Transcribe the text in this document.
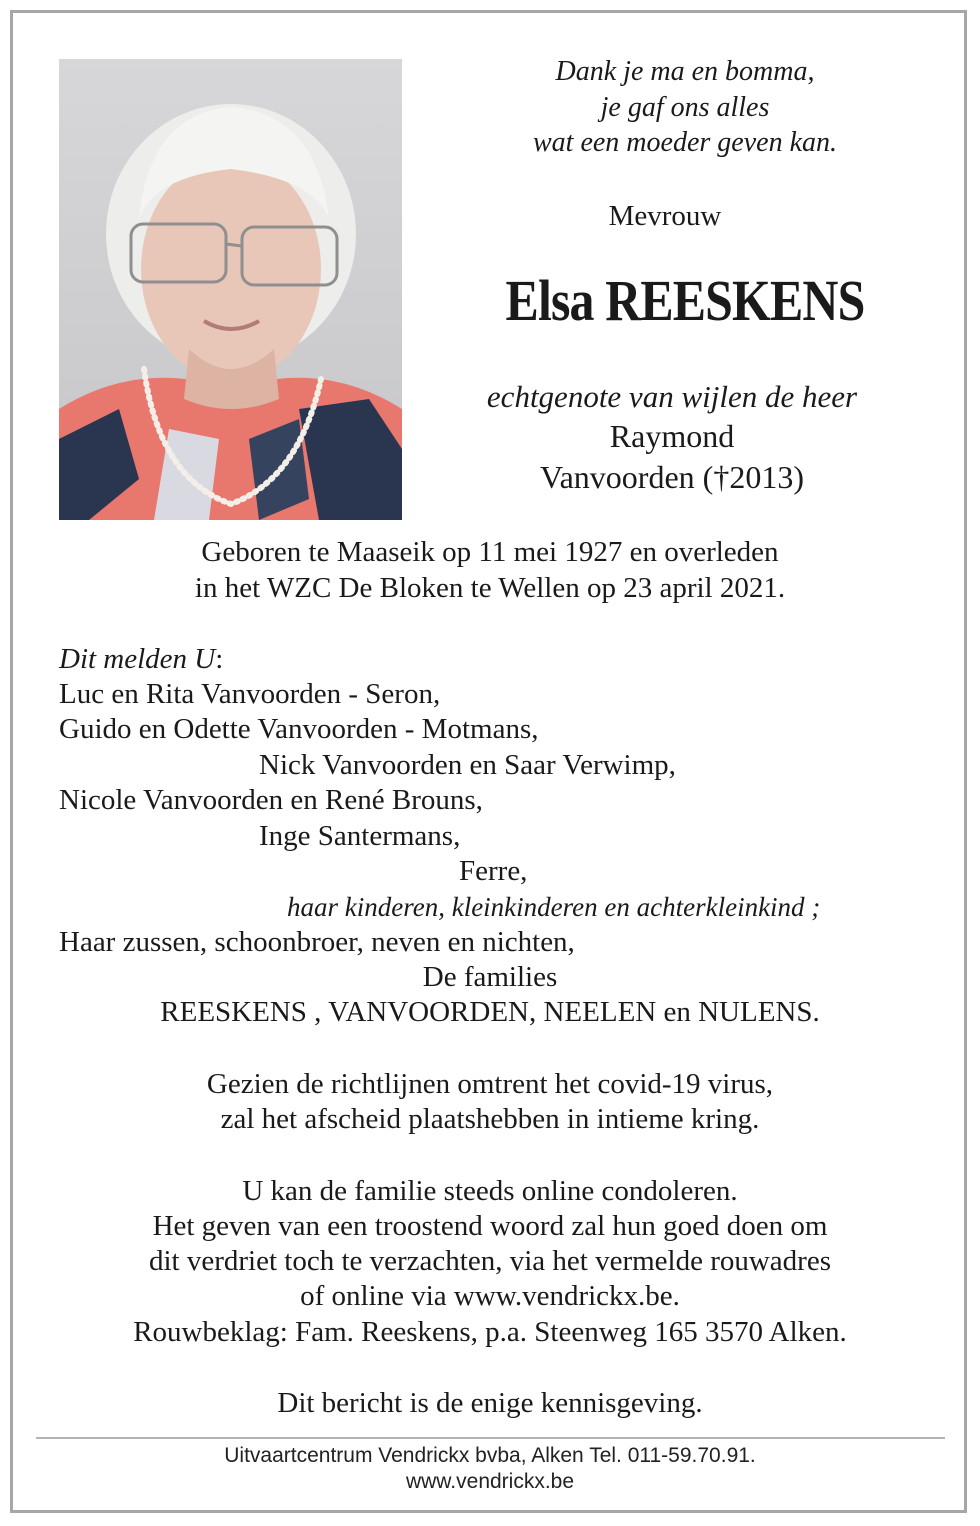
Dank je ma en bomma,
je gaf ons alles
wat een moeder geven kan.
Mevrouw
Elsa REESKENS
echtgenote van wijlen de heer
Raymond
Vanvoorden (†2013)
Geboren te Maaseik op 11 mei 1927 en overleden
in het WZC De Bloken te Wellen op 23 april 2021.
Dit melden U:
Luc en Rita Vanvoorden - Seron,
Guido en Odette Vanvoorden - Motmans,
Nick Vanvoorden en Saar Verwimp,
Nicole Vanvoorden en René Brouns,
Inge Santermans,
Ferre,
haar kinderen, kleinkinderen en achterkleinkind ;
Haar zussen, schoonbroer, neven en nichten,
De families
REESKENS , VANVOORDEN, NEELEN en NULENS.
Gezien de richtlijnen omtrent het covid-19 virus,
zal het afscheid plaatshebben in intieme kring.
U kan de familie steeds online condoleren.
Het geven van een troostend woord zal hun goed doen om
dit verdriet toch te verzachten, via het vermelde rouwadres
of online via www.vendrickx.be.
Rouwbeklag: Fam. Reeskens, p.a. Steenweg 165 3570 Alken.
Dit bericht is de enige kennisgeving.
Uitvaartcentrum Vendrickx bvba, Alken Tel. 011-59.70.91.
www.vendrickx.be
